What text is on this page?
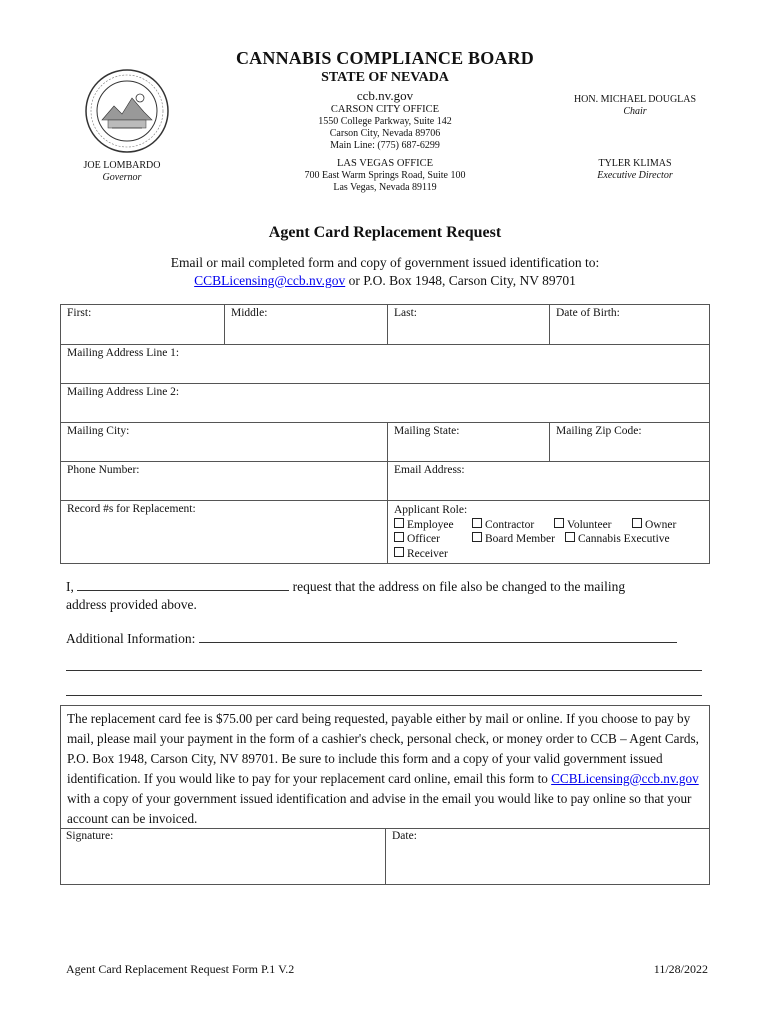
CANNABIS COMPLIANCE BOARD
STATE OF NEVADA
ccb.nv.gov
CARSON CITY OFFICE
1550 College Parkway, Suite 142
Carson City, Nevada 89706
Main Line: (775) 687-6299
LAS VEGAS OFFICE
700 East Warm Springs Road, Suite 100
Las Vegas, Nevada 89119
HON. MICHAEL DOUGLAS
Chair
TYLER KLIMAS
Executive Director
JOE LOMBARDO
Governor
Agent Card Replacement Request
Email or mail completed form and copy of government issued identification to:
CCBLicensing@ccb.nv.gov or P.O. Box 1948, Carson City, NV 89701
First:	Middle:	Last:	Date of Birth:
Mailing Address Line 1:
Mailing Address Line 2:
Mailing City:	Mailing State:	Mailing Zip Code:
Phone Number:	Email Address:
Record #s for Replacement:	Applicant Role:
Employee	Contractor	Volunteer	Owner
Officer	Board Member Cannabis Executive
Receiver
I,	request that the address on file also be changed to the mailing
address provided above.
Additional Information:
The replacement card fee is $75.00 per card being requested, payable either by mail or online. If you choose to pay by mail, please mail your payment in the form of a cashier's check, personal check, or money order to CCB – Agent Cards, P.O. Box 1948, Carson City, NV 89701. Be sure to include this form and a copy of your valid government issued identification. If you would like to pay for your replacement card online, email this form to CCBLicensing@ccb.nv.gov with a copy of your government issued identification and advise in the email you would like to pay online so that your account can be invoiced.
Signature:	Date:
Agent Card Replacement Request Form P.1 V.2	11/28/2022
